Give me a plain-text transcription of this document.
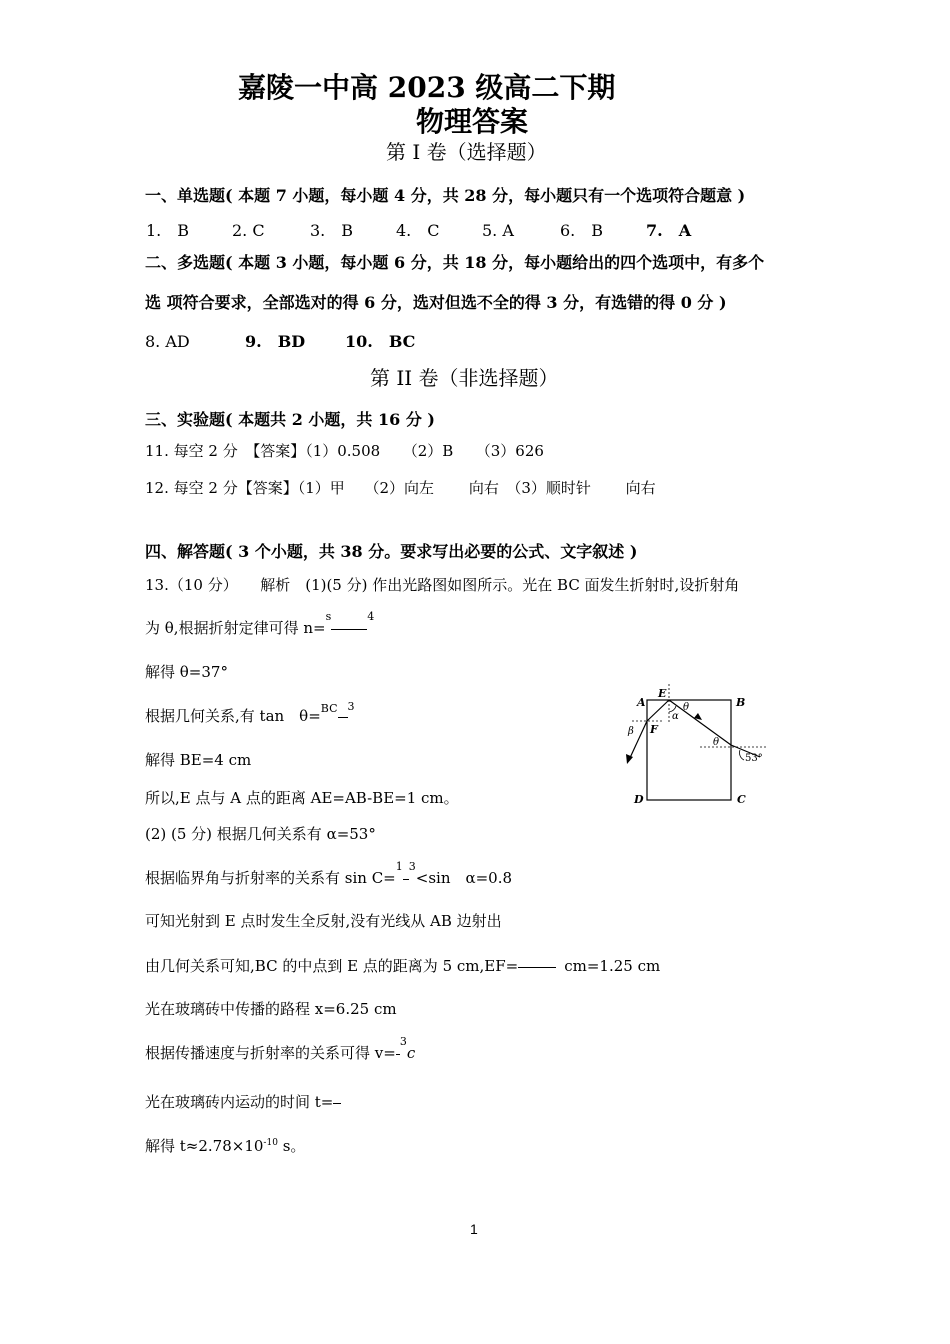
嘉陵一中高 2023 级高二下期
物理答案
第 I 卷（选择题）
一、单选题( 本题 7 小题，每小题 4 分，共 28 分，每小题只有一个选项符合题意 )
1.　B	2. C	3.　B	4.　C	5. A	6.　B	7.　A
二、多选题( 本题 3 小题，每小题 6 分，共 18 分，每小题给出的四个选项中，有多个
选 项符合要求，全部选对的得 6 分，选对但选不全的得 3 分，有选错的得 0 分 )
8. AD	9.　BD 10.　BC
第 II 卷（非选择题）
三、实验题( 本题共 2 小题，共 16 分 )
11. 每空 2 分　【答案】（1）0.508　　（2）B　　（3）626
12. 每空 2 分【答案】（1）甲　 （2）向左　　 向右　（3）顺时针　　 向右
四、解答题( 3 个小题，共 38 分。要求写出必要的公式、文字叙述 )
13.（10 分）　　解析　(1)(5 分) 作出光路图如图所示。光在 BC 面发生折射时,设折射角
为 θ,根据折射定律可得 n=s	4
解得 θ=37°
根据几何关系,有 tan　θ=BC 3
解得 BE=4 cm
所以,E 点与 A 点的距离 AE=AB-BE=1 cm。
(2) (5 分) 根据几何关系有 α=53°
根据临界角与折射率的关系有 sin C=1 3<sin　α=0.8
可知光射到 E 点时发生全反射,没有光线从 AB 边射出
由几何关系可知,BC 的中点到 E 点的距离为 5 cm,EF=	cm=1.25 cm
光在玻璃砖中传播的路程 x=6.25 cm
根据传播速度与折射率的关系可得 v=3c
光在玻璃砖内运动的时间 t=
解得 $t\approx 2.78\times 10^{-10}$ s。
A	B
C
D
E
F
θ
α
β
θ
53°
1
